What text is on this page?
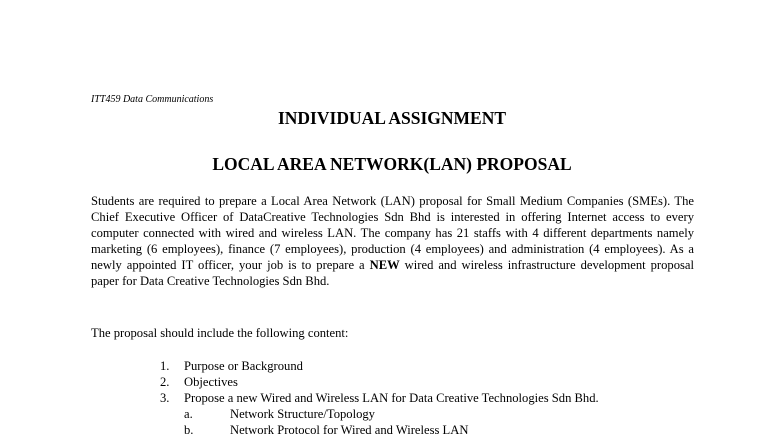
ITT459 Data Communications
INDIVIDUAL ASSIGNMENT
LOCAL AREA NETWORK(LAN) PROPOSAL

Students are required to prepare a Local Area Network (LAN) proposal for Small Medium Companies (SMEs). The Chief Executive Officer of DataCreative Technologies Sdn Bhd is interested in offering Internet access to every computer connected with wired and wireless LAN. The company has 21 staffs with 4 different departments namely marketing (6 employees), finance (7 employees), production (4 employees) and administration (4 employees). As a newly appointed IT officer, your job is to prepare a NEW wired and wireless infrastructure development proposal paper for Data Creative Technologies Sdn Bhd.

The proposal should include the following content:

1. Purpose or Background
2. Objectives
3. Propose a new Wired and Wireless LAN for Data Creative Technologies Sdn Bhd.
a.	Network Structure/Topology
b.	Network Protocol for Wired and Wireless LAN
